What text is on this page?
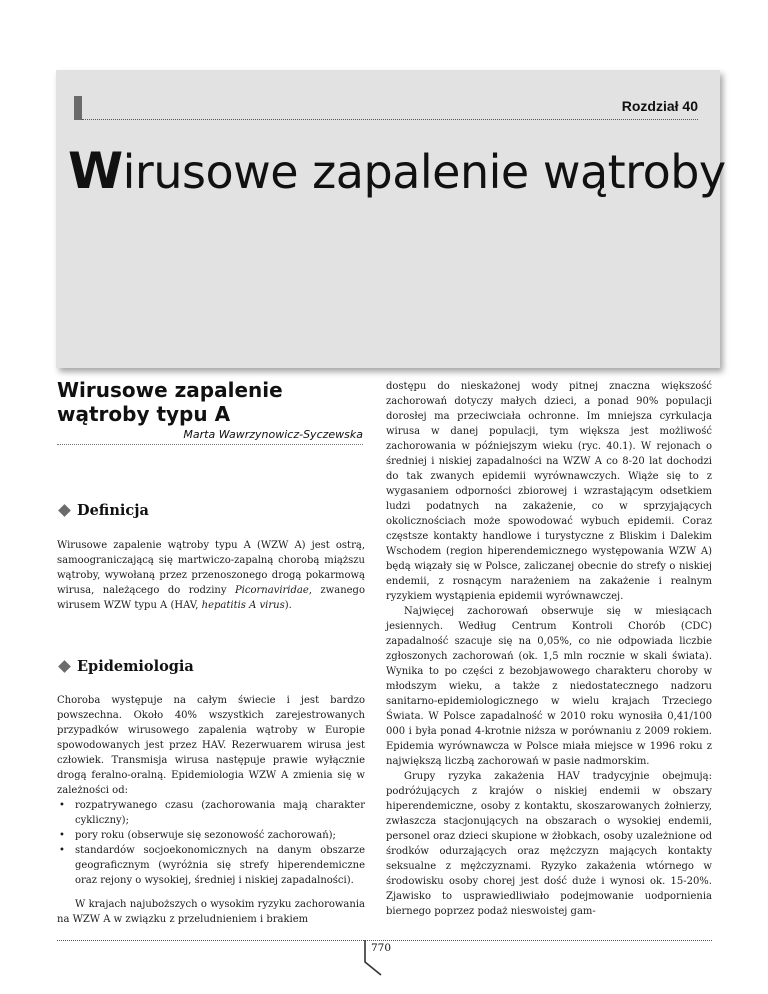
Rozdział 40
Wirusowe zapalenie wątroby
Wirusowe zapalenie
wątroby typu A
Marta Wawrzynowicz-Syczewska
Definicja

Wirusowe zapalenie wątroby typu A (WZW A) jest ostrą, samoograniczającą się martwiczo-zapalną chorobą miąższu wątroby, wywołaną przez przenoszonego drogą pokarmową wirusa, należącego do rodziny Picornaviridae, zwanego wirusem WZW typu A (HAV, hepatitis A virus).

Epidemiologia

Choroba występuje na całym świecie i jest bardzo powszechna. Około 40% wszystkich zarejestrowanych przypadków wirusowego zapalenia wątroby w Europie spowodowanych jest przez HAV. Rezerwuarem wirusa jest człowiek. Transmisja wirusa następuje prawie wyłącznie drogą feralno-oralną. Epidemiologia WZW A zmienia się w zależności od:

• rozpatrywanego czasu (zachorowania mają charakter cykliczny);
• pory roku (obserwuje się sezonowość zachorowań);
• standardów socjoekonomicznych na danym obszarze geograficznym (wyróżnia się strefy hiperendemiczne oraz rejony o wysokiej, średniej i niskiej zapadalności).

W krajach najuboższych o wysokim ryzyku zachorowania na WZW A w związku z przeludnieniem i brakiem

dostępu do nieskażonej wody pitnej znaczna większość zachorowań dotyczy małych dzieci, a ponad 90% populacji dorosłej ma przeciwciała ochronne. Im mniejsza cyrkulacja wirusa w danej populacji, tym większa jest możliwość zachorowania w późniejszym wieku (ryc. 40.1). W rejonach o średniej i niskiej zapadalności na WZW A co 8-20 lat dochodzi do tak zwanych epidemii wyrównawczych. Wiąże się to z wygasaniem odporności zbiorowej i wzrastającym odsetkiem ludzi podatnych na zakażenie, co w sprzyjających okolicznościach może spowodować wybuch epidemii. Coraz częstsze kontakty handlowe i turystyczne z Bliskim i Dalekim Wschodem (region hiperendemicznego występowania WZW A) będą wiązały się w Polsce, zaliczanej obecnie do strefy o niskiej endemii, z rosnącym narażeniem na zakażenie i realnym ryzykiem wystąpienia epidemii wyrównawczej.

Najwięcej zachorowań obserwuje się w miesiącach jesiennych. Według Centrum Kontroli Chorób (CDC) zapadalność szacuje się na 0,05%, co nie odpowiada liczbie zgłoszonych zachorowań (ok. 1,5 mln rocznie w skali świata). Wynika to po części z bezobjawowego charakteru choroby w młodszym wieku, a także z niedostatecznego nadzoru sanitarno-epidemiologicznego w wielu krajach Trzeciego Świata. W Polsce zapadalność w 2010 roku wynosiła 0,41/100 000 i była ponad 4-krotnie niższa w porównaniu z 2009 rokiem. Epidemia wyrównawcza w Polsce miała miejsce w 1996 roku z największą liczbą zachorowań w pasie nadmorskim.

Grupy ryzyka zakażenia HAV tradycyjnie obejmują: podróżujących z krajów o niskiej endemii w obszary hiperendemiczne, osoby z kontaktu, skoszarowanych żołnierzy, zwłaszcza stacjonujących na obszarach o wysokiej endemii, personel oraz dzieci skupione w żłobkach, osoby uzależnione od środków odurzających oraz mężczyzn mających kontakty seksualne z mężczyznami. Ryzyko zakażenia wtórnego w środowisku osoby chorej jest dość duże i wynosi ok. 15-20%. Zjawisko to usprawiedliwiało podejmowanie uodpornienia biernego poprzez podaż nieswoistej gam-

770
